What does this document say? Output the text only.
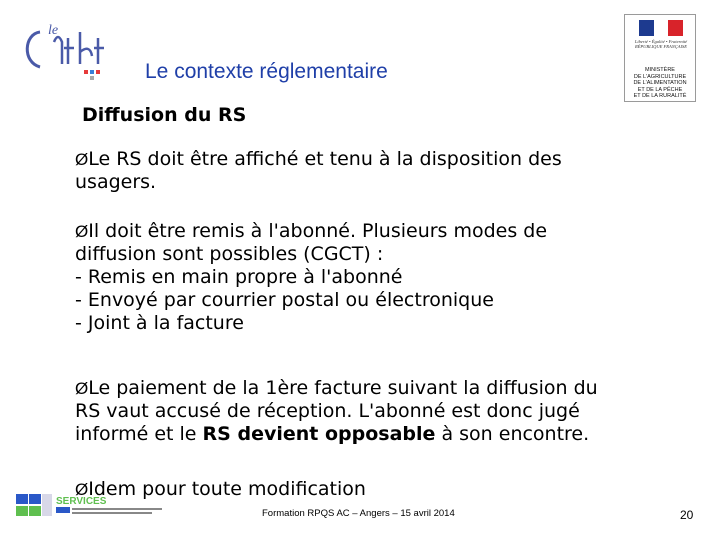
le
Le contexte réglementaire
Liberté • Égalité • Fraternité RÉPUBLIQUE FRANÇAISE
MINISTÈRE
DE L'AGRICULTURE
DE L'ALIMENTATION
ET DE LA PÊCHE
ET DE LA RURALITÉ
Diffusion du RS
ØLe RS doit être affiché et tenu à la disposition des
usagers.
ØIl doit être remis à l'abonné. Plusieurs modes de
diffusion sont possibles (CGCT) :
- Remis en main propre à l'abonné
- Envoyé par courrier postal ou électronique
- Joint à la facture
ØLe paiement de la 1ère facture suivant la diffusion du
RS vaut accusé de réception. L'abonné est donc jugé
informé et le RS devient opposable à son encontre.
ØIdem pour toute modification
SERVICES
Formation RPQS AC – Angers – 15 avril 2014	20
